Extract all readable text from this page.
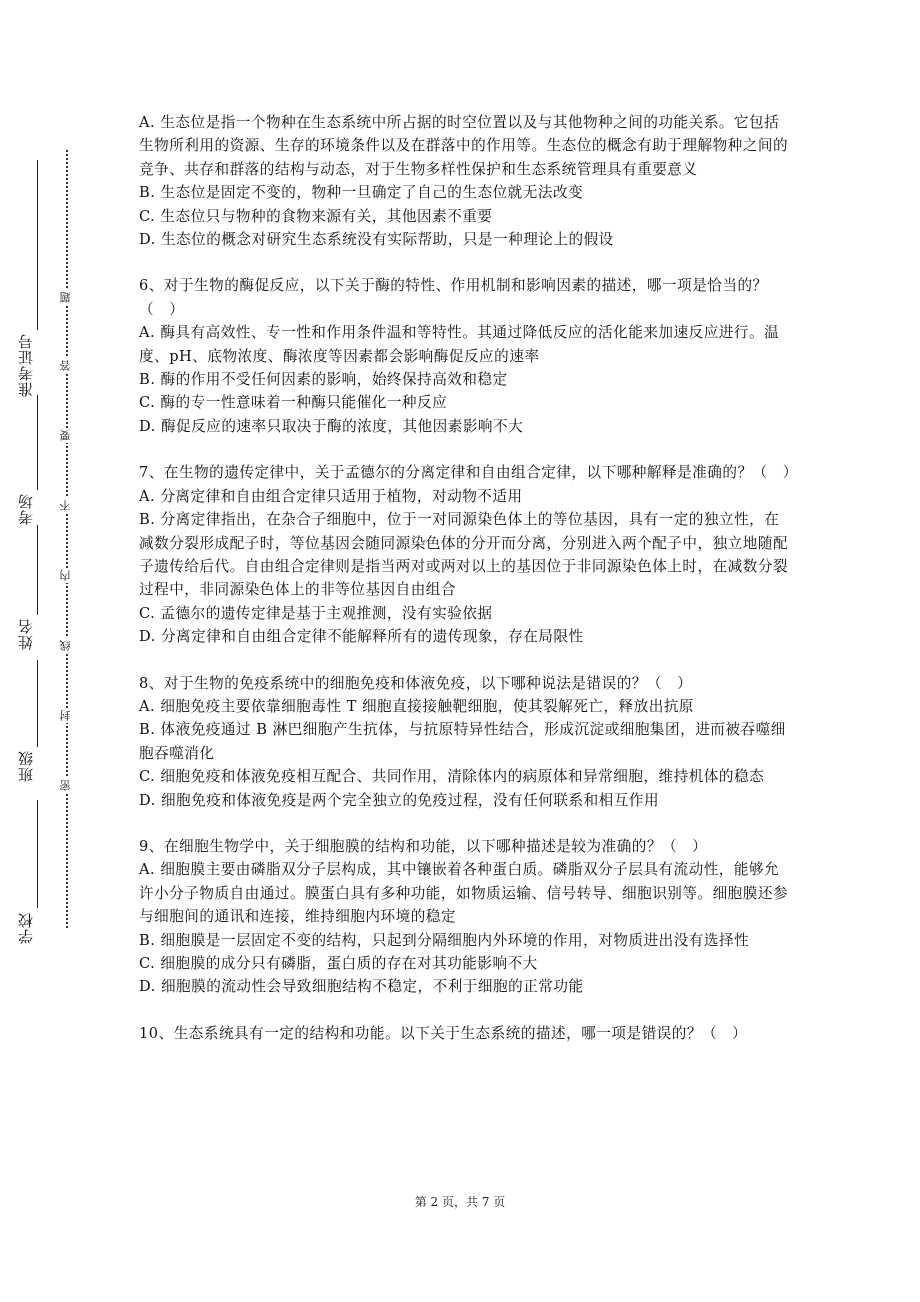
准考证号
考场
姓名
班级
学校
题
答
要
不
内
线
封
密

A. 生态位是指一个物种在生态系统中所占据的时空位置以及与其他物种之间的功能关系。它包括生物所利用的资源、生存的环境条件以及在群落中的作用等。生态位的概念有助于理解物种之间的竞争、共存和群落的结构与动态，对于生物多样性保护和生态系统管理具有重要意义

B. 生态位是固定不变的，物种一旦确定了自己的生态位就无法改变

C. 生态位只与物种的食物来源有关，其他因素不重要

D. 生态位的概念对研究生态系统没有实际帮助，只是一种理论上的假设

6、对于生物的酶促反应，以下关于酶的特性、作用机制和影响因素的描述，哪一项是恰当的？（　）

A. 酶具有高效性、专一性和作用条件温和等特性。其通过降低反应的活化能来加速反应进行。温度、pH、底物浓度、酶浓度等因素都会影响酶促反应的速率

B. 酶的作用不受任何因素的影响，始终保持高效和稳定

C. 酶的专一性意味着一种酶只能催化一种反应

D. 酶促反应的速率只取决于酶的浓度，其他因素影响不大

7、在生物的遗传定律中，关于孟德尔的分离定律和自由组合定律，以下哪种解释是准确的？（　）

A. 分离定律和自由组合定律只适用于植物，对动物不适用

B. 分离定律指出，在杂合子细胞中，位于一对同源染色体上的等位基因，具有一定的独立性，在减数分裂形成配子时，等位基因会随同源染色体的分开而分离，分别进入两个配子中，独立地随配子遗传给后代。自由组合定律则是指当两对或两对以上的基因位于非同源染色体上时，在减数分裂过程中，非同源染色体上的非等位基因自由组合

C. 孟德尔的遗传定律是基于主观推测，没有实验依据

D. 分离定律和自由组合定律不能解释所有的遗传现象，存在局限性

8、对于生物的免疫系统中的细胞免疫和体液免疫，以下哪种说法是错误的？（　）

A. 细胞免疫主要依靠细胞毒性 T 细胞直接接触靶细胞，使其裂解死亡，释放出抗原

B. 体液免疫通过 B 淋巴细胞产生抗体，与抗原特异性结合，形成沉淀或细胞集团，进而被吞噬细胞吞噬消化

C. 细胞免疫和体液免疫相互配合、共同作用，清除体内的病原体和异常细胞，维持机体的稳态

D. 细胞免疫和体液免疫是两个完全独立的免疫过程，没有任何联系和相互作用

9、在细胞生物学中，关于细胞膜的结构和功能，以下哪种描述是较为准确的？（　）

A. 细胞膜主要由磷脂双分子层构成，其中镶嵌着各种蛋白质。磷脂双分子层具有流动性，能够允许小分子物质自由通过。膜蛋白具有多种功能，如物质运输、信号转导、细胞识别等。细胞膜还参与细胞间的通讯和连接，维持细胞内环境的稳定

B. 细胞膜是一层固定不变的结构，只起到分隔细胞内外环境的作用，对物质进出没有选择性

C. 细胞膜的成分只有磷脂，蛋白质的存在对其功能影响不大

D. 细胞膜的流动性会导致细胞结构不稳定，不利于细胞的正常功能

10、生态系统具有一定的结构和功能。以下关于生态系统的描述，哪一项是错误的？（　）

第 2 页，共 7 页
